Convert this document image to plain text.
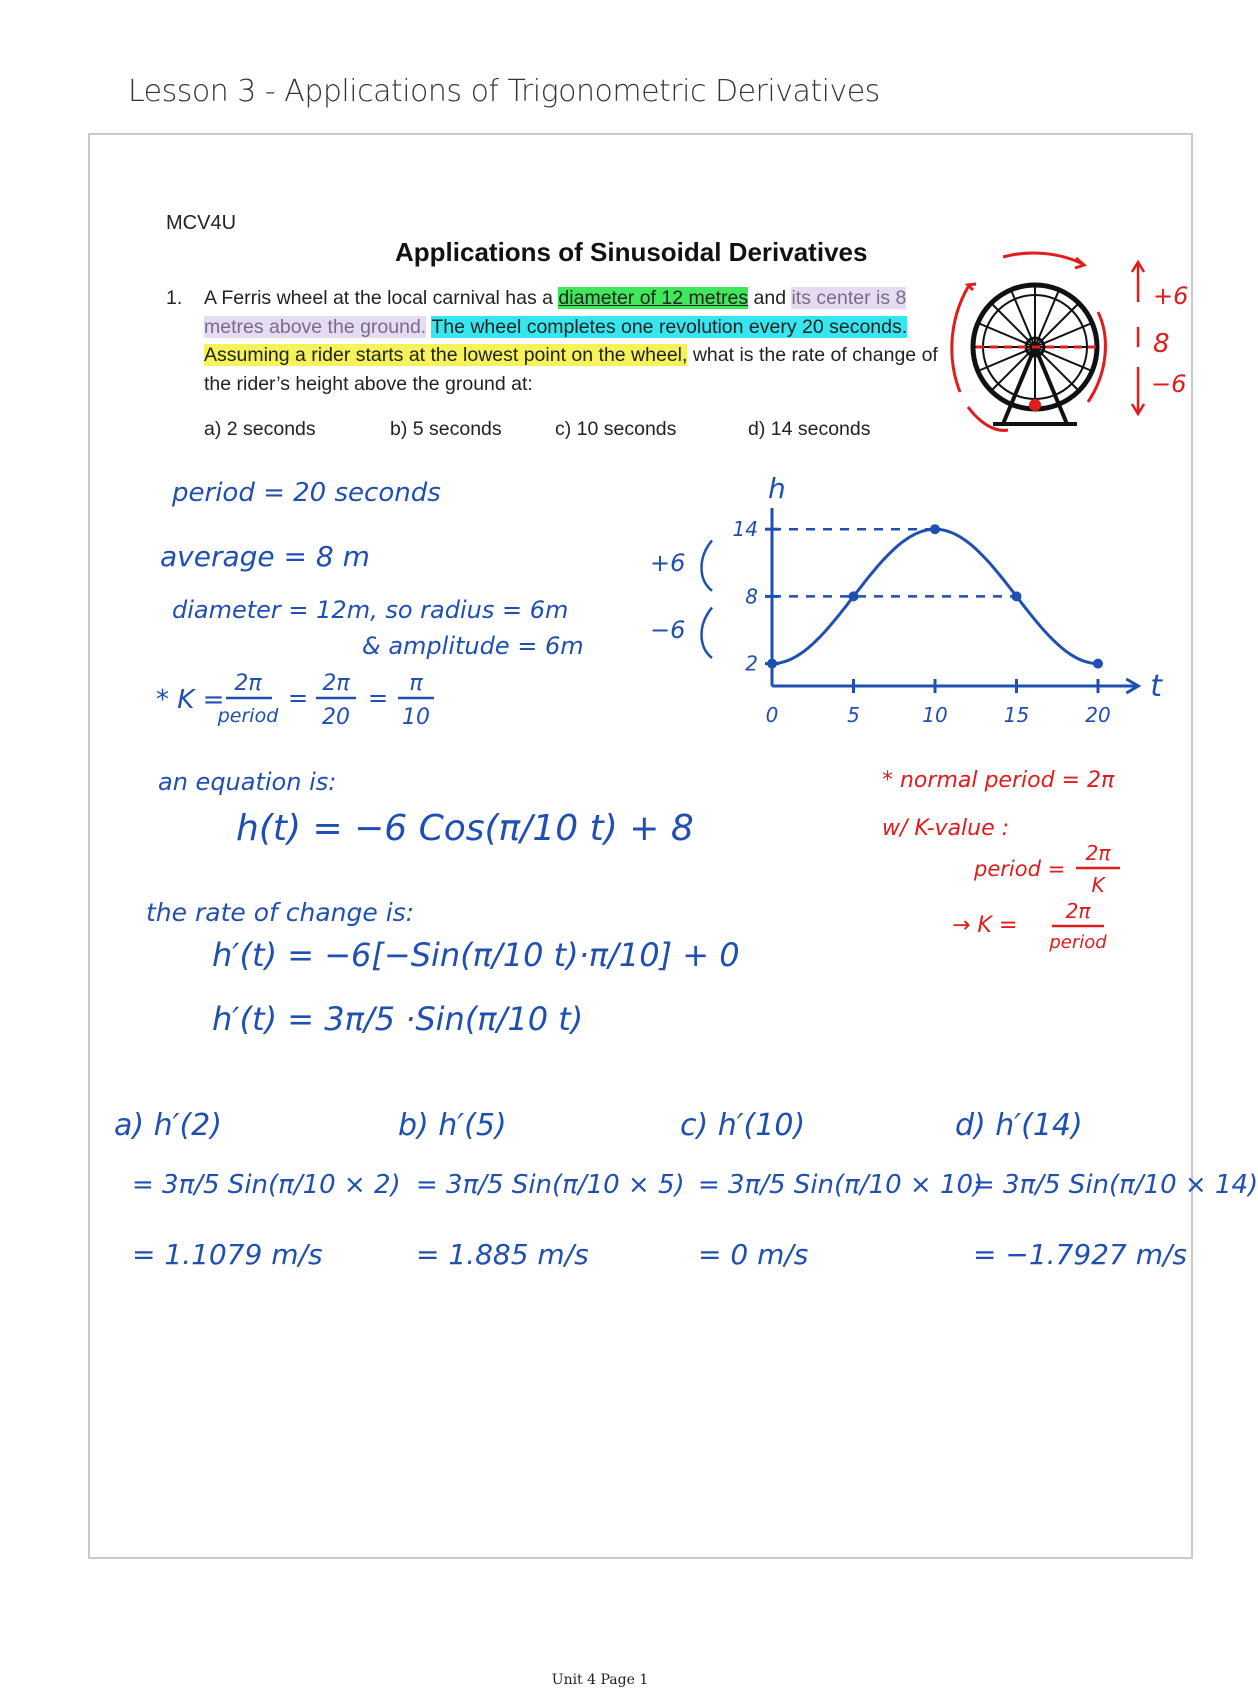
Lesson 3 - Applications of Trigonometric Derivatives
MCV4U
Applications of Sinusoidal Derivatives
1. A Ferris wheel at the local carnival has a diameter of 12 metres and its center is 8 metres above the ground. The wheel completes one revolution every 20 seconds. Assuming a rider starts at the lowest point on the wheel, what is the rate of change of the rider’s height above the ground at:
a) 2 seconds	b) 5 seconds	c) 10 seconds	d) 14 seconds
+6
8
−6
period = 20 seconds
average = 8 m
diameter = 12m, so radius = 6m
& amplitude = 6m
* K =
2π
period
=
2π
20
=
π
10
an equation is:
h(t) = −6 Cos(π/10 t) + 8
the rate of change is:
h′(t) = −6[−Sin(π/10 t)·π/10] + 0
h′(t) = 3π/5 ·Sin(π/10 t)
* normal period = 2π
w/ K-value :
period =
2π
K
→ K =
2π
period
t
h
0	5	10	15	20
2
8
14
+6
−6
a) h′(2)
= 3π/5 Sin(π/10 × 2)
= 1.1079 m/s
b) h′(5)
= 3π/5 Sin(π/10 × 5)
= 1.885 m/s
c) h′(10)
= 3π/5 Sin(π/10 × 10)
= 0 m/s
d) h′(14)
= 3π/5 Sin(π/10 × 14)
= −1.7927 m/s
Unit 4 Page 1
